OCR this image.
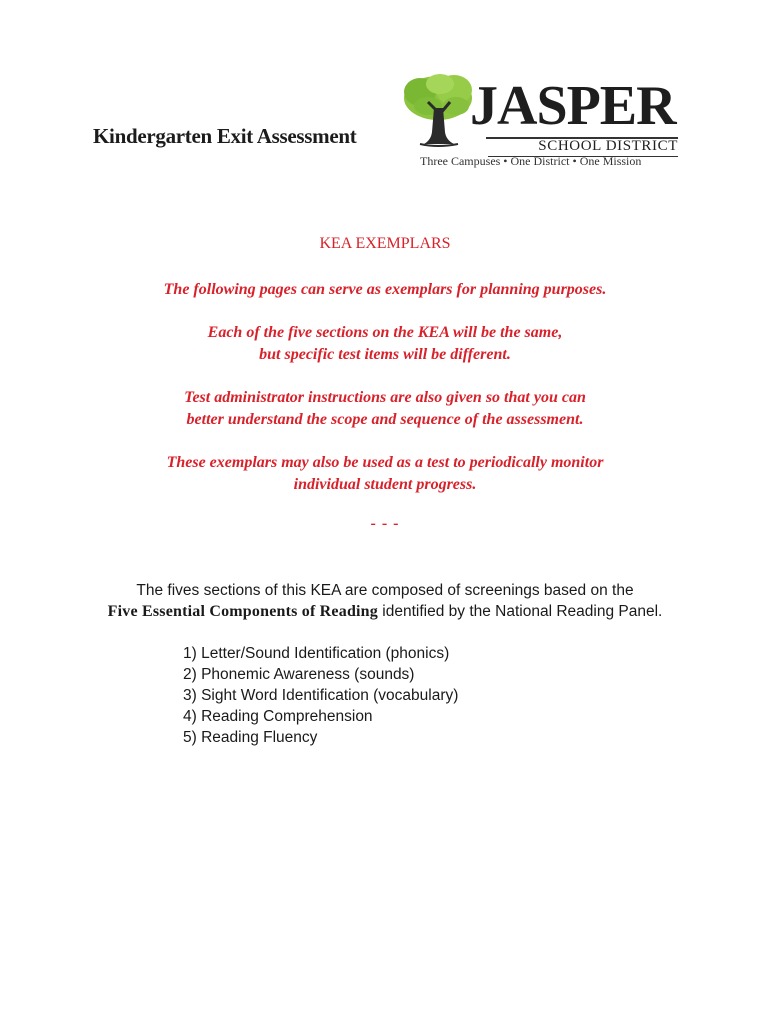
Kindergarten Exit Assessment JASPER
SCHOOL DISTRICT
Three Campuses • One District • One Mission
KEA EXEMPLARS

The following pages can serve as exemplars for planning purposes.

Each of the five sections on the KEA will be the same,
but specific test items will be different.

Test administrator instructions are also given so that you can
better understand the scope and sequence of the assessment.

These exemplars may also be used as a test to periodically monitor
individual student progress.

- - -
The fives sections of this KEA are composed of screenings based on the
Five Essential Components of Reading identified by the National Reading Panel.
1) Letter/Sound Identification (phonics)
2) Phonemic Awareness (sounds)
3) Sight Word Identification (vocabulary)
4) Reading Comprehension
5) Reading Fluency
